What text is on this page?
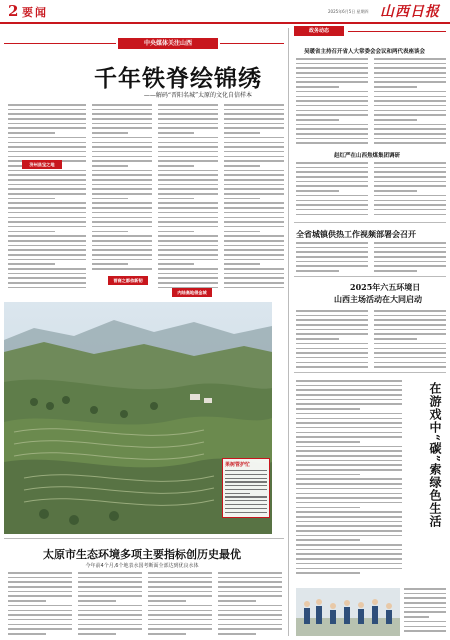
2 要闻	2025年6月5日 星期四 山西日报
中央媒体关注山西
千年铁脊绘锦绣
——解码“晋阳名城”太原的文化自信样本
济州县宝之地
晋商之都依新韧
内陆高地借金城
果树管护忙
太原市生态环境多项主要指标创历史最优
今年前4个月,6个地表水国考断面全部达到优良水体
政务动态
吴暖省主持召开省人大常委会会议和两代表座谈会
赵红严在山西焦煤集团调研
全省城镇供热工作视频部署会召开
2025年六五环境日
山西主场活动在大同启动
在游戏中“碳”索绿色生活
